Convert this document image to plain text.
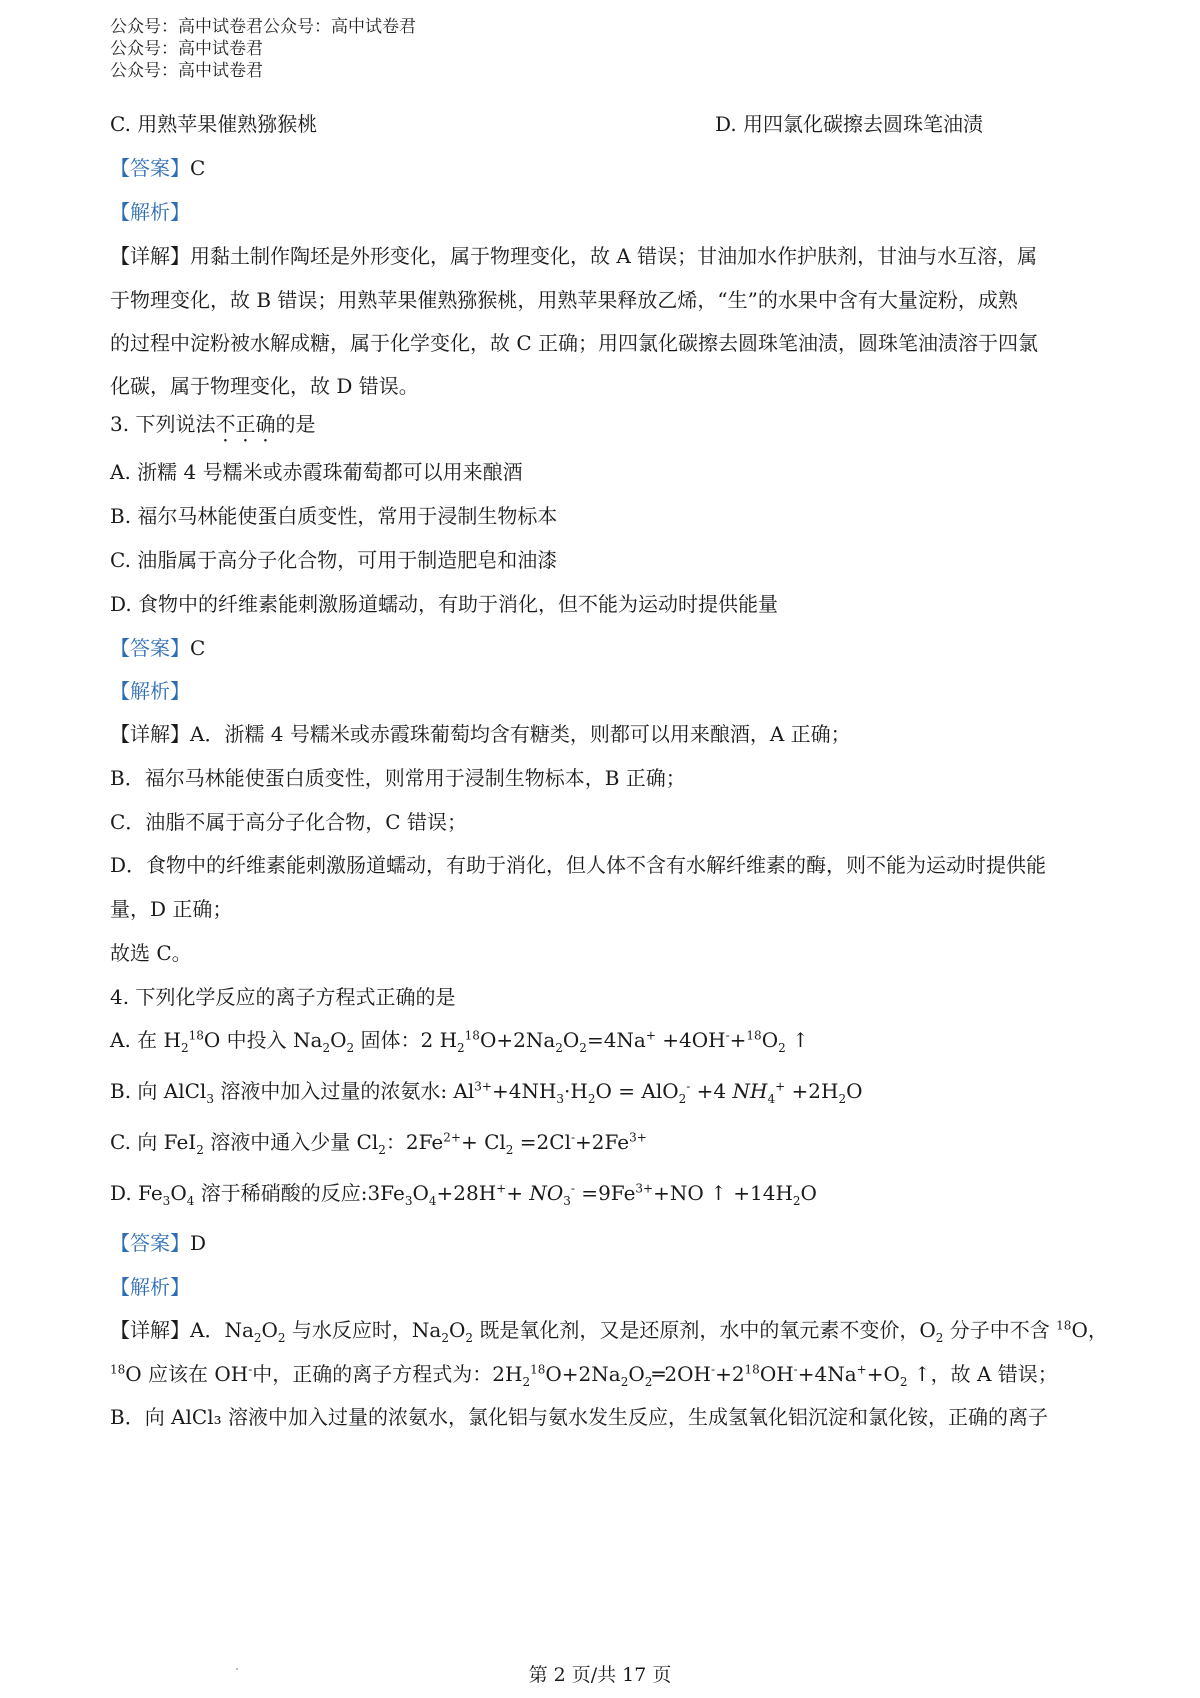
公众号：高中试卷君公众号：高中试卷君
公众号：高中试卷君
公众号：高中试卷君
C. 用熟苹果催熟猕猴桃	D. 用四氯化碳擦去圆珠笔油渍
【答案】C
【解析】
【详解】用黏土制作陶坯是外形变化，属于物理变化，故 A 错误；甘油加水作护肤剂，甘油与水互溶，属
于物理变化，故 B 错误；用熟苹果催熟猕猴桃，用熟苹果释放乙烯，“生”的水果中含有大量淀粉，成熟
的过程中淀粉被水解成糖，属于化学变化，故 C 正确；用四氯化碳擦去圆珠笔油渍，圆珠笔油渍溶于四氯
化碳，属于物理变化，故 D 错误。
3. 下列说法不正确的是
A. 浙糯 4 号糯米或赤霞珠葡萄都可以用来酿酒
B. 福尔马林能使蛋白质变性，常用于浸制生物标本
C. 油脂属于高分子化合物，可用于制造肥皂和油漆
D. 食物中的纤维素能刺激肠道蠕动，有助于消化，但不能为运动时提供能量
【答案】C
【解析】
【详解】A．浙糯 4 号糯米或赤霞珠葡萄均含有糖类，则都可以用来酿酒，A 正确；
B．福尔马林能使蛋白质变性，则常用于浸制生物标本，B 正确；
C．油脂不属于高分子化合物，C 错误；
D．食物中的纤维素能刺激肠道蠕动，有助于消化，但人体不含有水解纤维素的酶，则不能为运动时提供能
量，D 正确；
故选 C。
4. 下列化学反应的离子方程式正确的是
A. 在 $H_2^{18}O$ 中投入 $Na_2O_2$ 固体：2 $H_2^{18}O+2Na_2O_2=4Na^+ +4OH^-+^{18}O_2$ ↑
B. 向 AlCl$_3$ 溶液中加入过量的浓氨水: $Al^{3+}+4NH_3\cdot H_2O = AlO_2^- +4$ $NH_4^+ +2H_2O$
C. 向 FeI$_2$ 溶液中通入少量 $Cl_2$：$2Fe^{2+}+ Cl_2 =2Cl^-+2Fe^{3+}$
D. $Fe_3O_4$ 溶于稀硝酸的反应$:3Fe_3O_4+28H^++ NO_3^- =9Fe^{3+}+NO$ ↑ $+14H_2O$
【答案】D
【解析】
【详解】A．$Na_2O_2$ 与水反应时，$Na_2O_2$ 既是氧化剂，又是还原剂，水中的氧元素不变价，$O_2$ 分子中不含 $^{18}$O，
$^{18}$O 应该在 OH-中，正确的离子方程式为：$2H_2^{18}O+2Na_2O_2═2OH^-+2^{18}OH^-+4Na^++O_2$ ↑，故 A 错误；
B．向 AlCl₃ 溶液中加入过量的浓氨水，氯化铝与氨水发生反应，生成氢氧化铝沉淀和氯化铵，正确的离子
第 2 页/共 17 页
